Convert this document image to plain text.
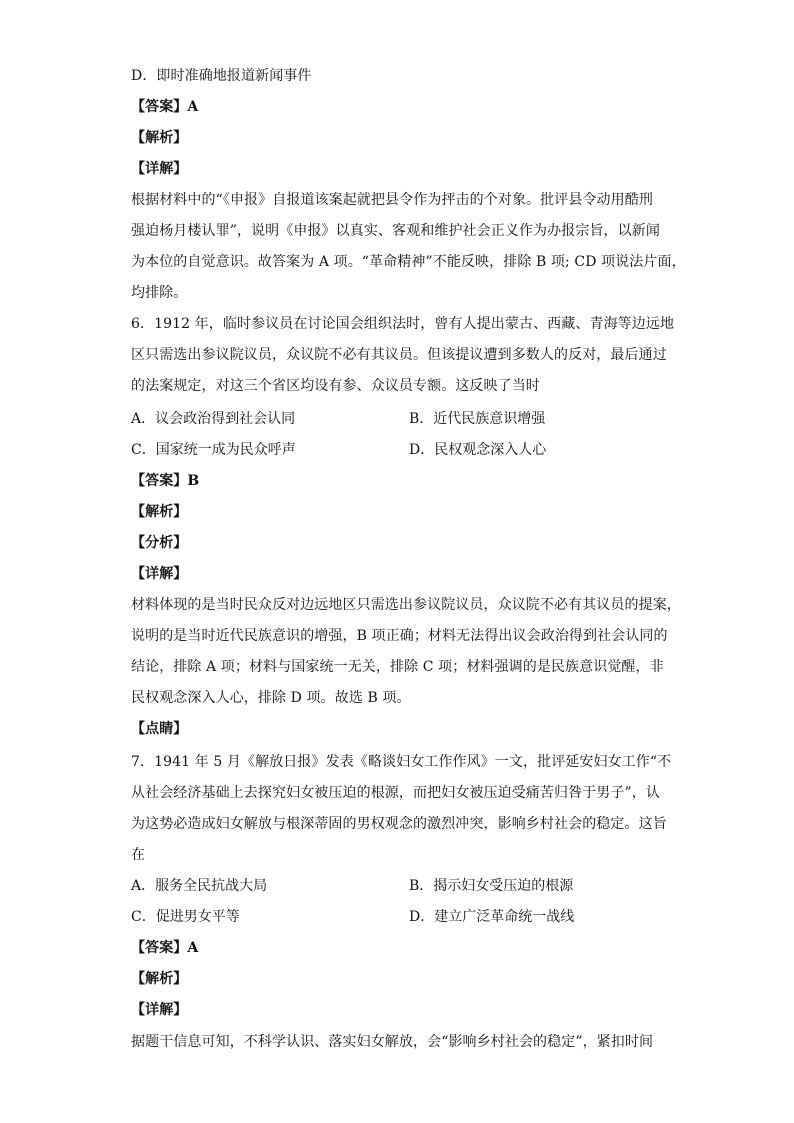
D．即时准确地报道新闻事件
【答案】A
【解析】
【详解】
根据材料中的“《申报》自报道该案起就把县令作为抨击的个对象。批评县令动用酷刑
强迫杨月楼认罪”，说明《申报》以真实、客观和维护社会正义作为办报宗旨，以新闻
为本位的自觉意识。故答案为 A 项。“革命精神”不能反映，排除 B 项; CD 项说法片面，
均排除。
6．1912 年，临时参议员在讨论国会组织法时，曾有人提出蒙古、西藏、青海等边远地
区只需选出参议院议员，众议院不必有其议员。但该提议遭到多数人的反对，最后通过
的法案规定，对这三个省区均设有参、众议员专额。这反映了当时
A．议会政治得到社会认同	B．近代民族意识增强
C．国家统一成为民众呼声	D．民权观念深入人心
【答案】B
【解析】
【分析】
【详解】
材料体现的是当时民众反对边远地区只需选出参议院议员，众议院不必有其议员的提案，
说明的是当时近代民族意识的增强，B 项正确；材料无法得出议会政治得到社会认同的
结论，排除 A 项；材料与国家统一无关，排除 C 项；材料强调的是民族意识觉醒，非
民权观念深入人心，排除 D 项。故选 B 项。
【点睛】
7．1941 年 5 月《解放日报》发表《略谈妇女工作作风》一文，批评延安妇女工作“不
从社会经济基础上去探究妇女被压迫的根源，而把妇女被压迫受痛苦归咎于男子”，认
为这势必造成妇女解放与根深蒂固的男权观念的激烈冲突，影响乡村社会的稳定。这旨
在
A．服务全民抗战大局	B．揭示妇女受压迫的根源
C．促进男女平等	D．建立广泛革命统一战线
【答案】A
【解析】
【详解】
据题干信息可知，不科学认识、落实妇女解放，会“影响乡村社会的稳定”，紧扣时间
